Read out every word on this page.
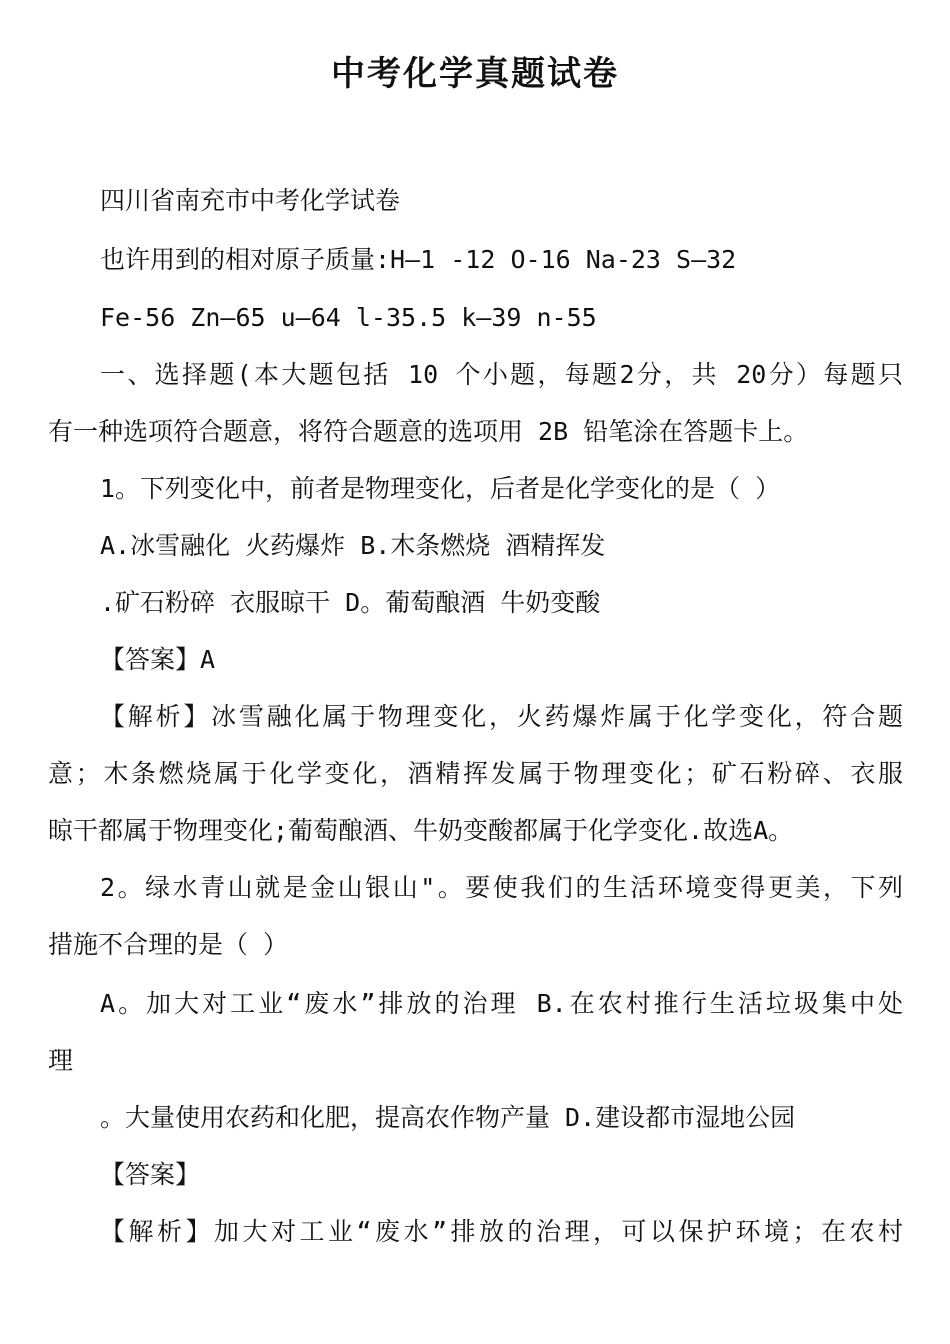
中考化学真题试卷
四川省南充市中考化学试卷
也许用到的相对原子质量:H—1 -12 O-16 Na-23 S—32
Fe-56 Zn—65 u—64 l-35.5 k—39 n-55
一、选择题(本大题包括 10 个小题，每题2分，共 20分）每题只
有一种选项符合题意，将符合题意的选项用 2B 铅笔涂在答题卡上。
1。下列变化中，前者是物理变化，后者是化学变化的是（ ）
A.冰雪融化 火药爆炸 B.木条燃烧 酒精挥发
.矿石粉碎 衣服晾干 D。葡萄酿酒 牛奶变酸
【答案】A
【解析】冰雪融化属于物理变化，火药爆炸属于化学变化，符合题
意；木条燃烧属于化学变化，酒精挥发属于物理变化；矿石粉碎、衣服
晾干都属于物理变化;葡萄酿酒、牛奶变酸都属于化学变化.故选A。
2。绿水青山就是金山银山"。要使我们的生活环境变得更美，下列
措施不合理的是（ ）
A。加大对工业“废水”排放的治理 B.在农村推行生活垃圾集中处
理
。大量使用农药和化肥，提高农作物产量 D.建设都市湿地公园
【答案】
【解析】加大对工业“废水”排放的治理，可以保护环境；在农村
